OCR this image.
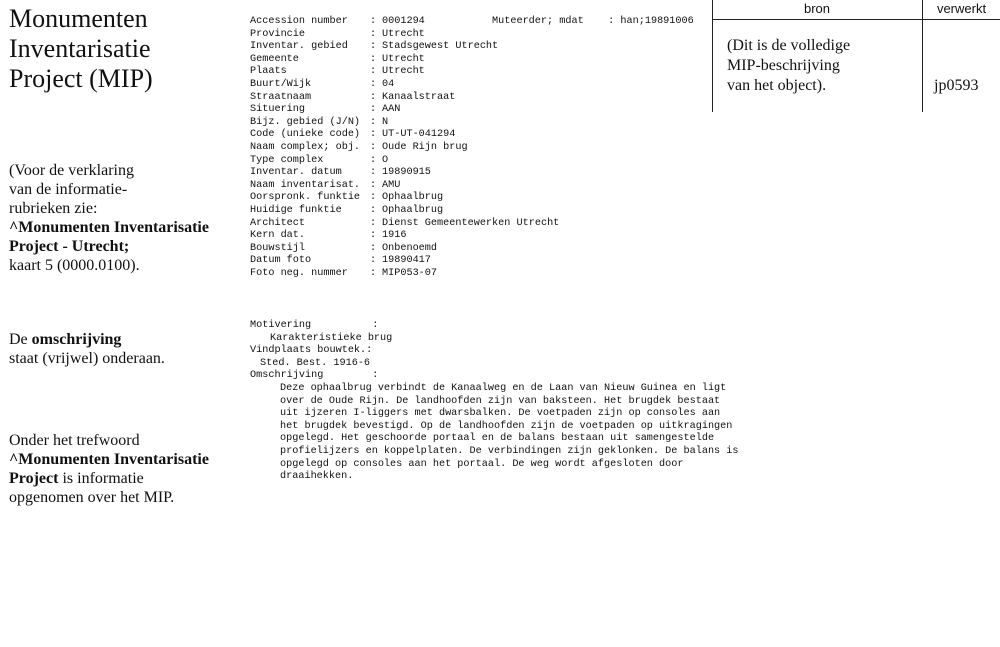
Monumenten
Inventarisatie
Project (MIP)
(Voor de verklaring
van de informatie-
rubrieken zie:
^Monumenten Inventarisatie
Project - Utrecht;
kaart 5 (0000.0100).
De omschrijving
staat (vrijwel) onderaan.
Onder het trefwoord
^Monumenten Inventarisatie
Project is informatie
opgenomen over het MIP.
Accession number : 0001294
Provincie	: Utrecht
Inventar. gebied : Stadsgewest Utrecht
Gemeente	: Utrecht
Plaats	: Utrecht
Buurt/Wijk	: 04
Straatnaam	: Kanaalstraat
Situering	: AAN
Bijz. gebied (J/N) : N
Code (unieke code) : UT-UT-041294
Naam complex; obj. : Oude Rijn brug
Type complex	: O
Inventar. datum	: 19890915
Naam inventarisat. : AMU
Oorspronk. funktie : Ophaalbrug
Huidige funktie	: Ophaalbrug
Architect	: Dienst Gemeentewerken Utrecht
Kern dat.	: 1916
Bouwstijl	: Onbenoemd
Datum foto	: 19890417
Foto neg. nummer : MIP053-07
Muteerder; mdat    : han;19891006
Motivering          :
Karakteristieke brug
Vindplaats bouwtek.:
Sted. Best. 1916-6
Omschrijving        :
Deze ophaalbrug verbindt de Kanaalweg en de Laan van Nieuw Guinea en ligt
over de Oude Rijn. De landhoofden zijn van baksteen. Het brugdek bestaat
uit ijzeren I-liggers met dwarsbalken. De voetpaden zijn op consoles aan
het brugdek bevestigd. Op de landhoofden zijn de voetpaden op uitkragingen
opgelegd. Het geschoorde portaal en de balans bestaan uit samengestelde
profielijzers en koppelplaten. De verbindingen zijn geklonken. De balans is
opgelegd op consoles aan het portaal. De weg wordt afgesloten door
draaihekken.
bron	verwerkt
(Dit is de volledige
MIP-beschrijving
van het object).	jp0593
